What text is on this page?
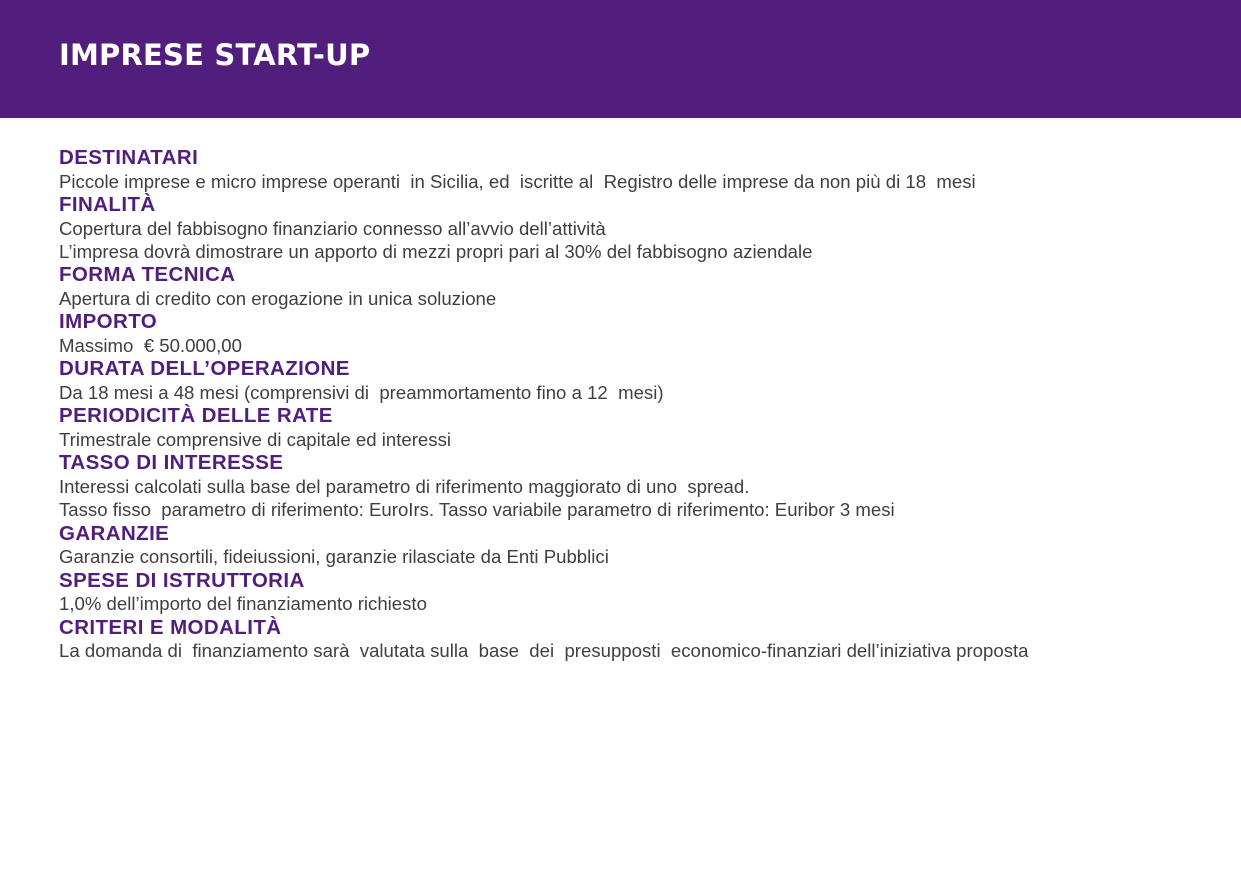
IMPRESE START-UP
DESTINATARI

Piccole imprese e micro imprese operanti  in Sicilia, ed  iscritte al  Registro delle imprese da non più di 18  mesi

FINALITÀ

Copertura del fabbisogno finanziario connesso all’avvio dell’attività

L’impresa dovrà dimostrare un apporto di mezzi propri pari al 30% del fabbisogno aziendale

FORMA TECNICA

Apertura di credito con erogazione in unica soluzione

IMPORTO

Massimo  € 50.000,00

DURATA DELL’OPERAZIONE

Da 18 mesi a 48 mesi (comprensivi di  preammortamento fino a 12  mesi)

PERIODICITÀ DELLE RATE

Trimestrale comprensive di capitale ed interessi

TASSO DI INTERESSE

Interessi calcolati sulla base del parametro di riferimento maggiorato di uno  spread.

Tasso fisso  parametro di riferimento: EuroIrs. Tasso variabile parametro di riferimento: Euribor 3 mesi

GARANZIE

Garanzie consortili, fideiussioni, garanzie rilasciate da Enti Pubblici

SPESE DI ISTRUTTORIA

1,0% dell’importo del finanziamento richiesto

CRITERI E MODALITÀ

La domanda di  finanziamento sarà  valutata sulla  base  dei  presupposti  economico-finanziari dell’iniziativa proposta
